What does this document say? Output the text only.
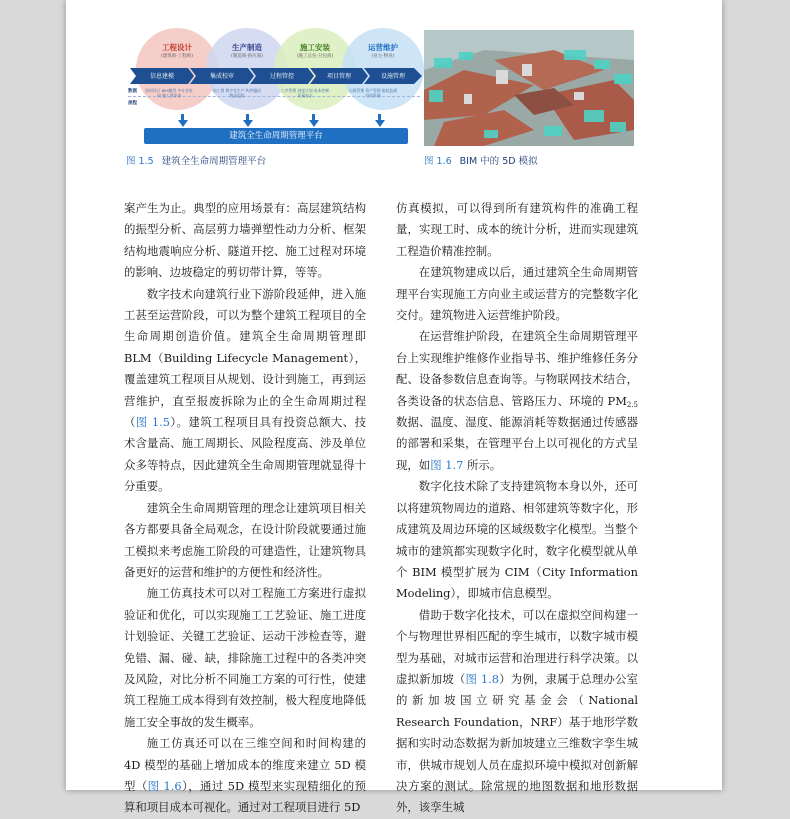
工程设计
(建筑师·工程师)
生产制造
(制造商·供应商)
施工安装
(施工总包·分包商)
运营维护
(业主·物业)
信息建模	集成校审	过程管控	项目管理	设施管理
数据
流程
协同设计 BIM模型 多专业协同 施工图审查
加工图 数字化生产 构件编码 物流追踪
工序管理 进度计划 成本控制 质量安全
运维管理 资产管理 能耗监测 空间管理
建筑全生命周期管理平台
图 1.5 建筑全生命周期管理平台	图 1.6 BIM 中的 5D 模拟

案产生为止。典型的应用场景有：高层建筑结构的振型分析、高层剪力墙弹塑性动力分析、框架结构地震响应分析、隧道开挖、施工过程对环境的影响、边坡稳定的剪切带计算，等等。

数字技术向建筑行业下游阶段延伸，进入施工甚至运营阶段，可以为整个建筑工程项目的全生命周期创造价值。建筑全生命周期管理即 BLM（Building Lifecycle Management），覆盖建筑工程项目从规划、设计到施工，再到运营维护，直至报废拆除为止的全生命周期过程（图 1.5）。建筑工程项目具有投资总额大、技术含量高、施工周期长、风险程度高、涉及单位众多等特点，因此建筑全生命周期管理就显得十分重要。

建筑全生命周期管理的理念让建筑项目相关各方都要具备全局观念，在设计阶段就要通过施工模拟来考虑施工阶段的可建造性，让建筑物具备更好的运营和维护的方便性和经济性。

施工仿真技术可以对工程施工方案进行虚拟验证和优化，可以实现施工工艺验证、施工进度计划验证、关键工艺验证、运动干涉检查等，避免错、漏、碰、缺，排除施工过程中的各类冲突及风险，对比分析不同施工方案的可行性，使建筑工程施工成本得到有效控制，极大程度地降低施工安全事故的发生概率。

施工仿真还可以在三维空间和时间构建的 4D 模型的基础上增加成本的维度来建立 5D 模型（图 1.6），通过 5D 模型来实现精细化的预算和项目成本可视化。通过对工程项目进行 5D

仿真模拟，可以得到所有建筑构件的准确工程量，实现工时、成本的统计分析，进而实现建筑工程造价精准控制。

在建筑物建成以后，通过建筑全生命周期管理平台实现施工方向业主或运营方的完整数字化交付。建筑物进入运营维护阶段。

在运营维护阶段，在建筑全生命周期管理平台上实现维护维修作业指导书、维护维修任务分配、设备参数信息查询等。与物联网技术结合，各类设备的状态信息、管路压力、环境的 $PM_{2.5}$ 数据、温度、湿度、能源消耗等数据通过传感器的部署和采集，在管理平台上以可视化的方式呈现，如图 1.7 所示。

数字化技术除了支持建筑物本身以外，还可以将建筑物周边的道路、相邻建筑等数字化，形成建筑及周边环境的区域级数字化模型。当整个城市的建筑都实现数字化时，数字化模型就从单个 BIM 模型扩展为 CIM（City Information Modeling），即城市信息模型。

借助于数字化技术，可以在虚拟空间构建一个与物理世界相匹配的孪生城市，以数字城市模型为基础，对城市运营和治理进行科学决策。以虚拟新加坡（图 1.8）为例，隶属于总理办公室的新加坡国立研究基金会（National Research Foundation，NRF）基于地形学数据和实时动态数据为新加坡建立三维数字孪生城市，供城市规划人员在虚拟环境中模拟对创新解决方案的测试。除常规的地图数据和地形数据外，该孪生城
